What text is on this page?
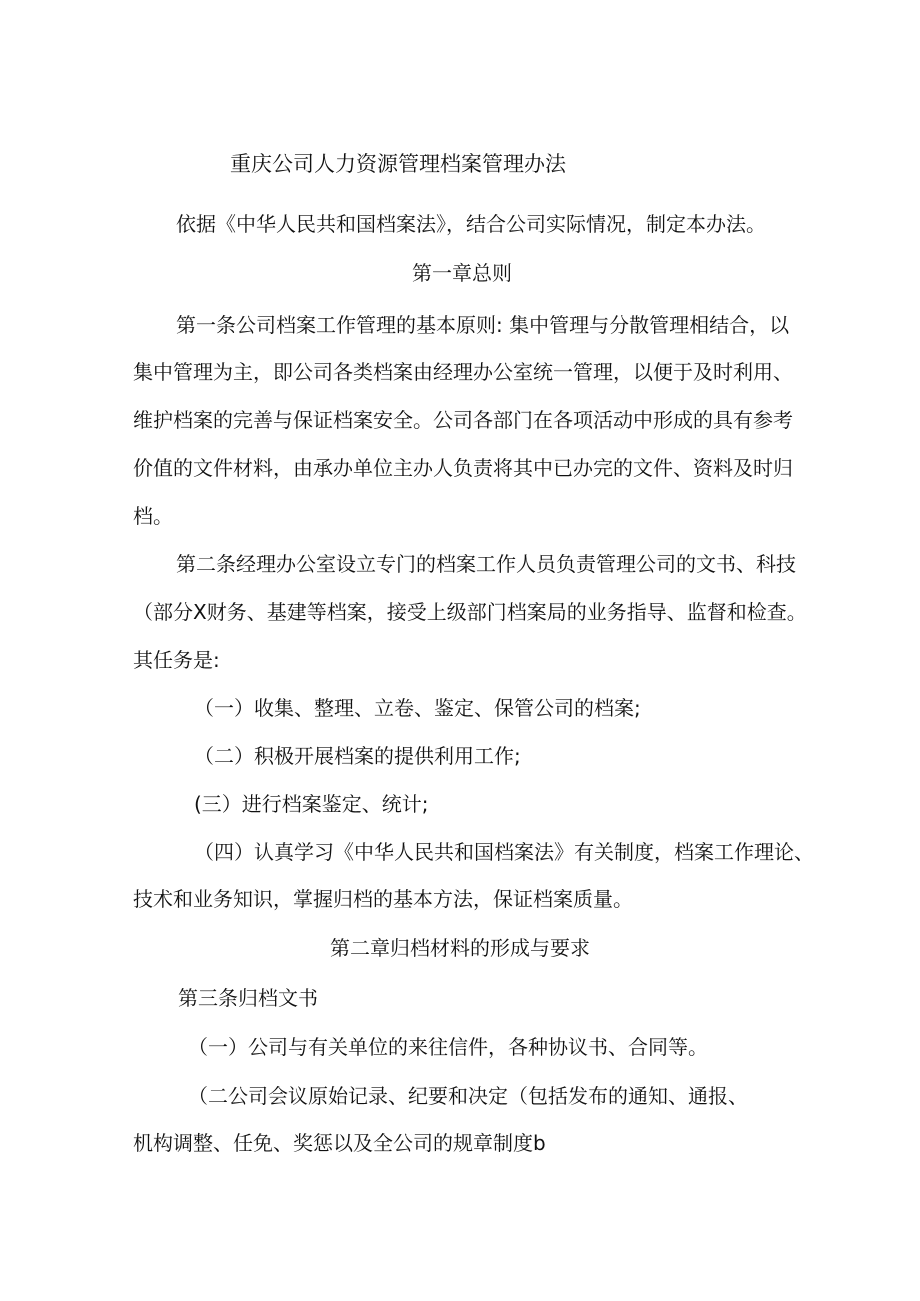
重庆公司人力资源管理档案管理办法
依据《中华人民共和国档案法》，结合公司实际情况，制定本办法。
第一章总则
第一条公司档案工作管理的基本原则: 集中管理与分散管理相结合，以
集中管理为主，即公司各类档案由经理办公室统一管理，以便于及时利用、
维护档案的完善与保证档案安全。公司各部门在各项活动中形成的具有参考
价值的文件材料，由承办单位主办人负责将其中已办完的文件、资料及时归
档。
第二条经理办公室设立专门的档案工作人员负责管理公司的文书、科技
（部分X财务、基建等档案，接受上级部门档案局的业务指导、监督和检查。
其任务是:
（一）收集、整理、立卷、鉴定、保管公司的档案;
（二）积极开展档案的提供利用工作;
(三）进行档案鉴定、统计;
（四）认真学习《中华人民共和国档案法》有关制度，档案工作理论、
技术和业务知识，掌握归档的基本方法，保证档案质量。
第二章归档材料的形成与要求
第三条归档文书
（一）公司与有关单位的来往信件，各种协议书、合同等。
（二公司会议原始记录、纪要和决定（包括发布的通知、通报、
机构调整、任免、奖惩以及全公司的规章制度b
